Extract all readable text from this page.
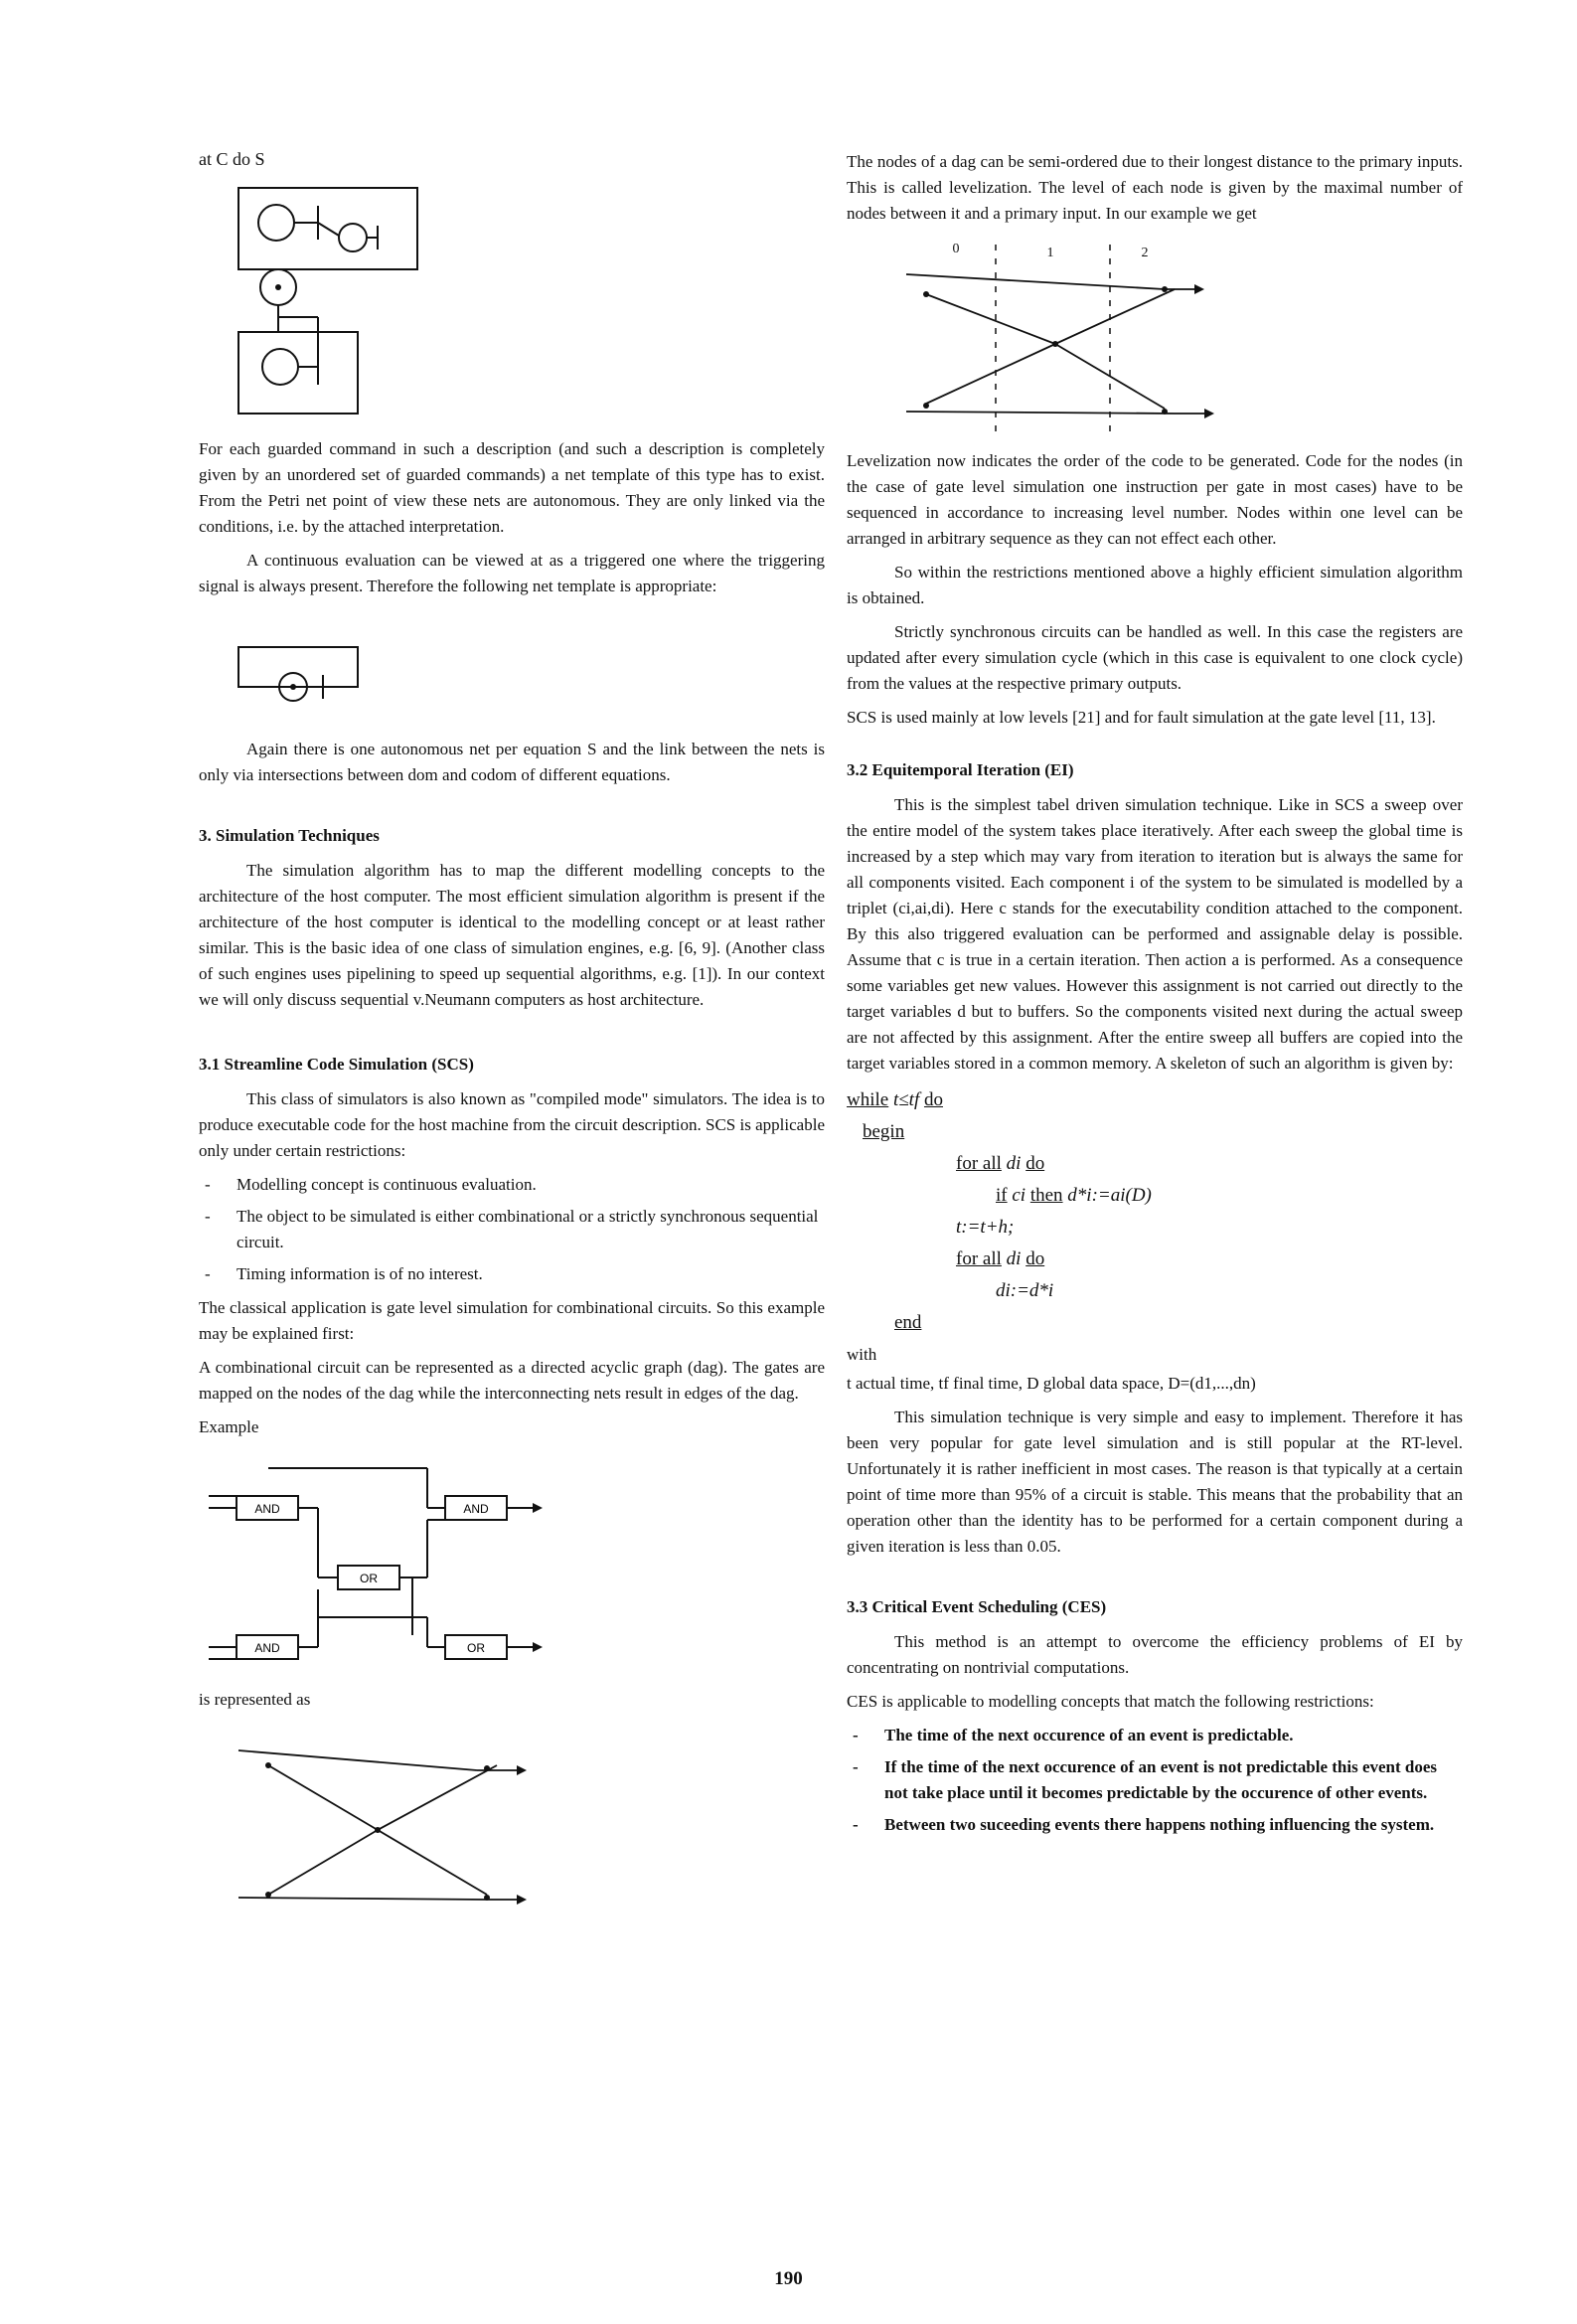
at C do S

For each guarded command in such a description (and such a description is completely given by an unordered set of guarded commands) a net template of this type has to exist. From the Petri net point of view these nets are autonomous. They are only linked via the conditions, i.e. by the attached interpretation.

A continuous evaluation can be viewed at as a triggered one where the triggering signal is always present. Therefore the following net template is appropriate:

Again there is one autonomous net per equation S and the link between the nets is only via intersections between dom and codom of different equations.

3. Simulation Techniques

The simulation algorithm has to map the different modelling concepts to the architecture of the host computer. The most efficient simulation algorithm is present if the architecture of the host computer is identical to the modelling concept or at least rather similar. This is the basic idea of one class of simulation engines, e.g. [6, 9]. (Another class of such engines uses pipelining to speed up sequential algorithms, e.g. [1]). In our context we will only discuss sequential v.Neumann computers as host architecture.

3.1 Streamline Code Simulation (SCS)

This class of simulators is also known as "compiled mode" simulators. The idea is to produce executable code for the host machine from the circuit description. SCS is applicable only under certain restrictions:

- Modelling concept is continuous evaluation.
- The object to be simulated is either combinational or a strictly synchronous sequential circuit.
- Timing information is of no interest.

The classical application is gate level simulation for combinational circuits. So this example may be explained first:

A combinational circuit can be represented as a directed acyclic graph (dag). The gates are mapped on the nodes of the dag while the interconnecting nets result in edges of the dag.

Example

AND	AND
OR
AND	OR

is represented as

The nodes of a dag can be semi-ordered due to their longest distance to the primary inputs. This is called levelization. The level of each node is given by the maximal number of nodes between it and a primary input. In our example we get

0	1	2

Levelization now indicates the order of the code to be generated. Code for the nodes (in the case of gate level simulation one instruction per gate in most cases) have to be sequenced in accordance to increasing level number. Nodes within one level can be arranged in arbitrary sequence as they can not effect each other.

So within the restrictions mentioned above a highly efficient simulation algorithm is obtained.

Strictly synchronous circuits can be handled as well. In this case the registers are updated after every simulation cycle (which in this case is equivalent to one clock cycle) from the values at the respective primary outputs.

SCS is used mainly at low levels [21] and for fault simulation at the gate level [11, 13].

3.2 Equitemporal Iteration (EI)

This is the simplest tabel driven simulation technique. Like in SCS a sweep over the entire model of the system takes place iteratively. After each sweep the global time is increased by a step which may vary from iteration to iteration but is always the same for all components visited. Each component i of the system to be simulated is modelled by a triplet (ci,ai,di). Here c stands for the executability condition attached to the component. By this also triggered evaluation can be performed and assignable delay is possible. Assume that c is true in a certain iteration. Then action a is performed. As a consequence some variables get new values. However this assignment is not carried out directly to the target variables d but to buffers. So the components visited next during the actual sweep are not affected by this assignment. After the entire sweep all buffers are copied into the target variables stored in a common memory. A skeleton of such an algorithm is given by:

while t≤tf do
begin
for all di do
if ci then d*i:=ai(D)
t:=t+h;
for all di do
di:=d*i
end
with

t actual time, tf final time, D global data space, D=(d1,...,dn)

This simulation technique is very simple and easy to implement. Therefore it has been very popular for gate level simulation and is still popular at the RT-level. Unfortunately it is rather inefficient in most cases. The reason is that typically at a certain point of time more than 95% of a circuit is stable. This means that the probability that an operation other than the identity has to be performed for a certain component during a given iteration is less than 0.05.

3.3 Critical Event Scheduling (CES)

This method is an attempt to overcome the efficiency problems of EI by concentrating on nontrivial computations.

CES is applicable to modelling concepts that match the following restrictions:

- The time of the next occurence of an event is predictable.
- If the time of the next occurence of an event is not predictable this event does not take place until it becomes predictable by the occurence of other events.
- Between two suceeding events there happens nothing influencing the system.
190
